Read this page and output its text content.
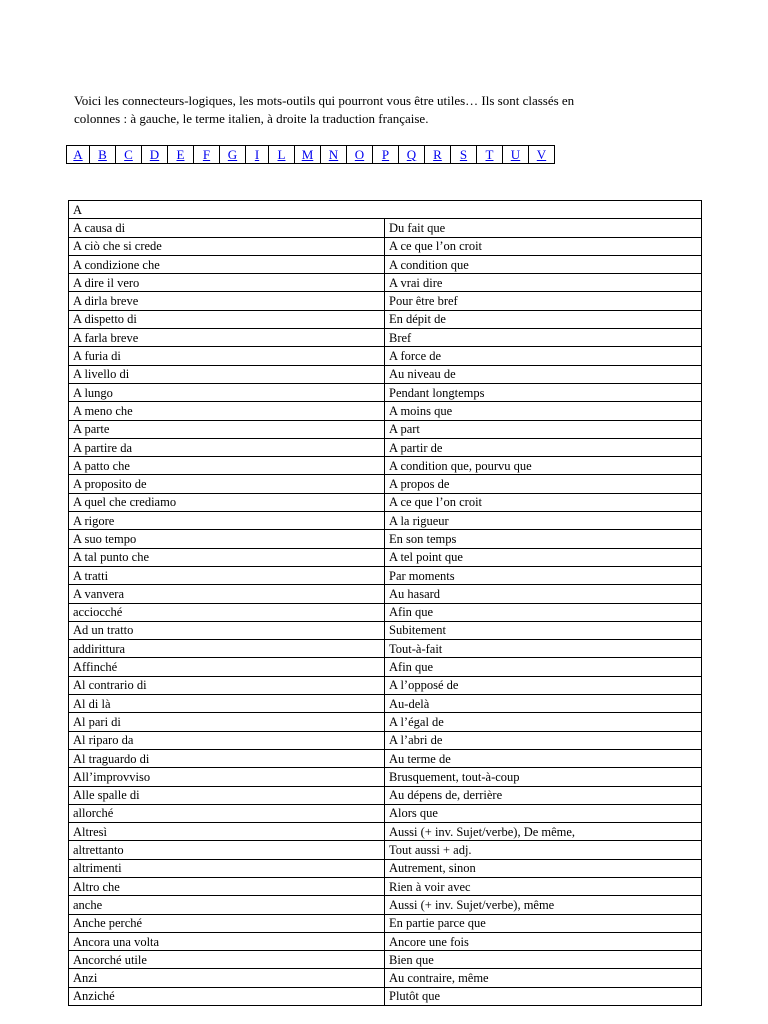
Voici les connecteurs-logiques, les mots-outils qui pourront vous être utiles… Ils sont classés en
colonnes : à gauche, le terme italien, à droite la traduction française.
A	B	C	D	E	F	G	I	L	M	N	O	P	Q	R	S	T	U	V
A	
A causa di	Du fait que
A ciò che si crede	A ce que l’on croit
A condizione che	A condition que
A dire il vero	A vrai dire
A dirla breve	Pour être bref
A dispetto di	En dépit de
A farla breve	Bref
A furia di	A force de
A livello di	Au niveau de
A lungo	Pendant longtemps
A meno che	A moins que
A parte	A part
A partire da	A partir de
A patto che	A condition que, pourvu que
A proposito de	A propos de
A quel che crediamo	A ce que l’on croit
A rigore	A la rigueur
A suo tempo	En son temps
A tal punto che	A tel point que
A tratti	Par moments
A vanvera	Au hasard
acciocché	Afin que
Ad un tratto	Subitement
addirittura	Tout-à-fait
Affinché	Afin que
Al contrario di	A l’opposé de
Al di là	Au-delà
Al pari di	A l’égal de
Al riparo da	A l’abri de
Al traguardo di	Au terme de
All’improvviso	Brusquement, tout-à-coup
Alle spalle di	Au dépens de, derrière
allorché	Alors que
Altresì	Aussi (+ inv. Sujet/verbe), De même,
altrettanto	Tout aussi + adj.
altrimenti	Autrement, sinon
Altro che	Rien à voir avec
anche	Aussi (+ inv. Sujet/verbe), même
Anche perché	En partie parce que
Ancora una volta	Ancore une fois
Ancorché utile	Bien que
Anzi	Au contraire, même
Anziché	Plutôt que
